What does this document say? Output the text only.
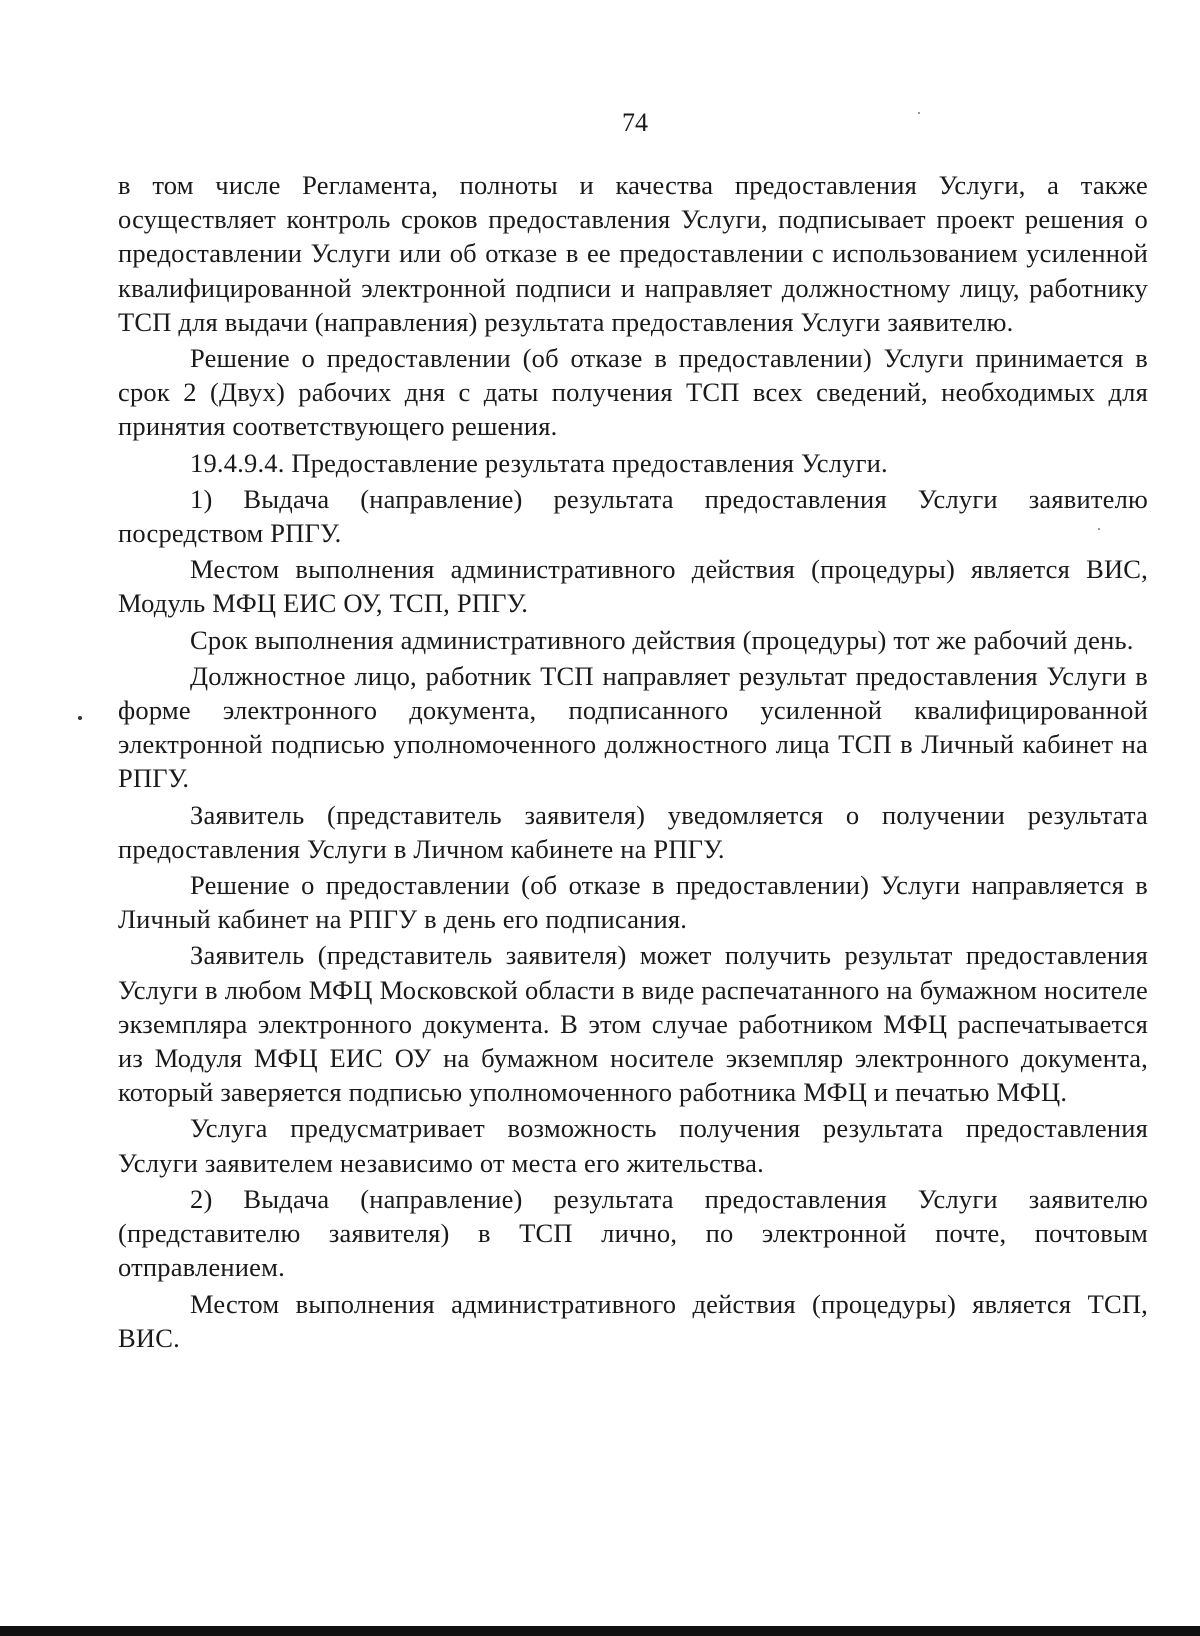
74

в том числе Регламента, полноты и качества предоставления Услуги, а также осуществляет контроль сроков предоставления Услуги, подписывает проект решения о предоставлении Услуги или об отказе в ее предоставлении с использованием усиленной квалифицированной электронной подписи и направляет должностному лицу, работнику ТСП для выдачи (направления) результата предоставления Услуги заявителю.

Решение о предоставлении (об отказе в предоставлении) Услуги принимается в срок 2 (Двух) рабочих дня с даты получения ТСП всех сведений, необходимых для принятия соответствующего решения.

19.4.9.4. Предоставление результата предоставления Услуги.

1) Выдача (направление) результата предоставления Услуги заявителю посредством РПГУ.

Местом выполнения административного действия (процедуры) является ВИС, Модуль МФЦ ЕИС ОУ, ТСП, РПГУ.

Срок выполнения административного действия (процедуры) тот же рабочий день.

Должностное лицо, работник ТСП направляет результат предоставления Услуги в форме электронного документа, подписанного усиленной квалифицированной электронной подписью уполномоченного должностного лица ТСП в Личный кабинет на РПГУ.

Заявитель (представитель заявителя) уведомляется о получении результата предоставления Услуги в Личном кабинете на РПГУ.

Решение о предоставлении (об отказе в предоставлении) Услуги направляется в Личный кабинет на РПГУ в день его подписания.

Заявитель (представитель заявителя) может получить результат предоставления Услуги в любом МФЦ Московской области в виде распечатанного на бумажном носителе экземпляра электронного документа. В этом случае работником МФЦ распечатывается из Модуля МФЦ ЕИС ОУ на бумажном носителе экземпляр электронного документа, который заверяется подписью уполномоченного работника МФЦ и печатью МФЦ.

Услуга предусматривает возможность получения результата предоставления Услуги заявителем независимо от места его жительства.

2) Выдача (направление) результата предоставления Услуги заявителю (представителю заявителя) в ТСП лично, по электронной почте, почтовым отправлением.

Местом выполнения административного действия (процедуры) является ТСП, ВИС.
